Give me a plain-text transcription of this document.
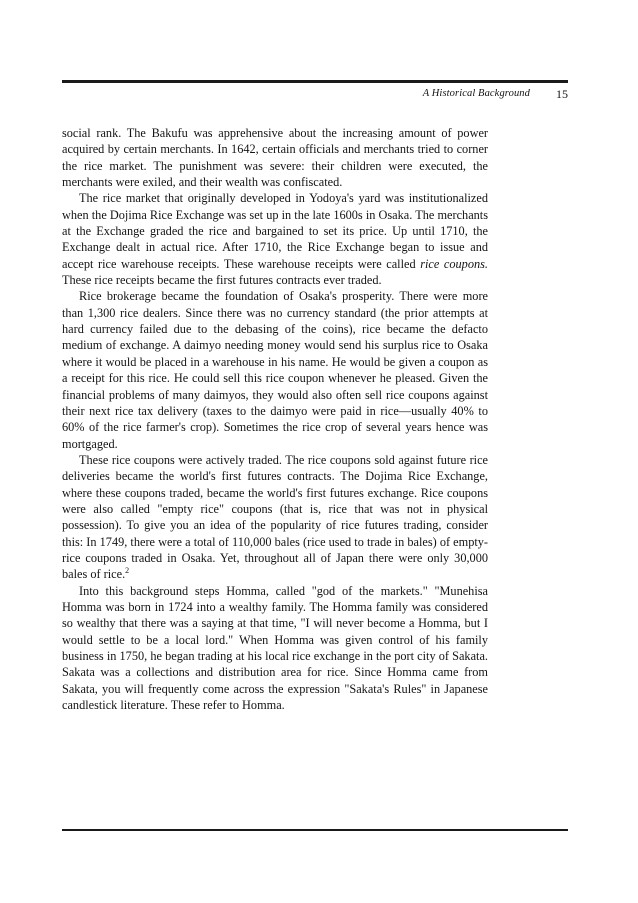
A Historical Background 15

social rank. The Bakufu was apprehensive about the increasing amount of power acquired by certain merchants. In 1642, certain officials and merchants tried to corner the rice market. The punishment was severe: their children were executed, the merchants were exiled, and their wealth was confiscated.

The rice market that originally developed in Yodoya's yard was institutionalized when the Dojima Rice Exchange was set up in the late 1600s in Osaka. The merchants at the Exchange graded the rice and bargained to set its price. Up until 1710, the Exchange dealt in actual rice. After 1710, the Rice Exchange began to issue and accept rice warehouse receipts. These warehouse receipts were called rice coupons. These rice receipts became the first futures contracts ever traded.

Rice brokerage became the foundation of Osaka's prosperity. There were more than 1,300 rice dealers. Since there was no currency standard (the prior attempts at hard currency failed due to the debasing of the coins), rice became the defacto medium of exchange. A daimyo needing money would send his surplus rice to Osaka where it would be placed in a warehouse in his name. He would be given a coupon as a receipt for this rice. He could sell this rice coupon whenever he pleased. Given the financial problems of many daimyos, they would also often sell rice coupons against their next rice tax delivery (taxes to the daimyo were paid in rice—usually 40% to 60% of the rice farmer's crop). Sometimes the rice crop of several years hence was mortgaged.

These rice coupons were actively traded. The rice coupons sold against future rice deliveries became the world's first futures contracts. The Dojima Rice Exchange, where these coupons traded, became the world's first futures exchange. Rice coupons were also called "empty rice" coupons (that is, rice that was not in physical possession). To give you an idea of the popularity of rice futures trading, consider this: In 1749, there were a total of 110,000 bales (rice used to trade in bales) of empty-rice coupons traded in Osaka. Yet, throughout all of Japan there were only 30,000 bales of rice.$^2$

Into this background steps Homma, called "god of the markets." "Munehisa Homma was born in 1724 into a wealthy family. The Homma family was considered so wealthy that there was a saying at that time, "I will never become a Homma, but I would settle to be a local lord." When Homma was given control of his family business in 1750, he began trading at his local rice exchange in the port city of Sakata. Sakata was a collections and distribution area for rice. Since Homma came from Sakata, you will frequently come across the expression "Sakata's Rules" in Japanese candlestick literature. These refer to Homma.
